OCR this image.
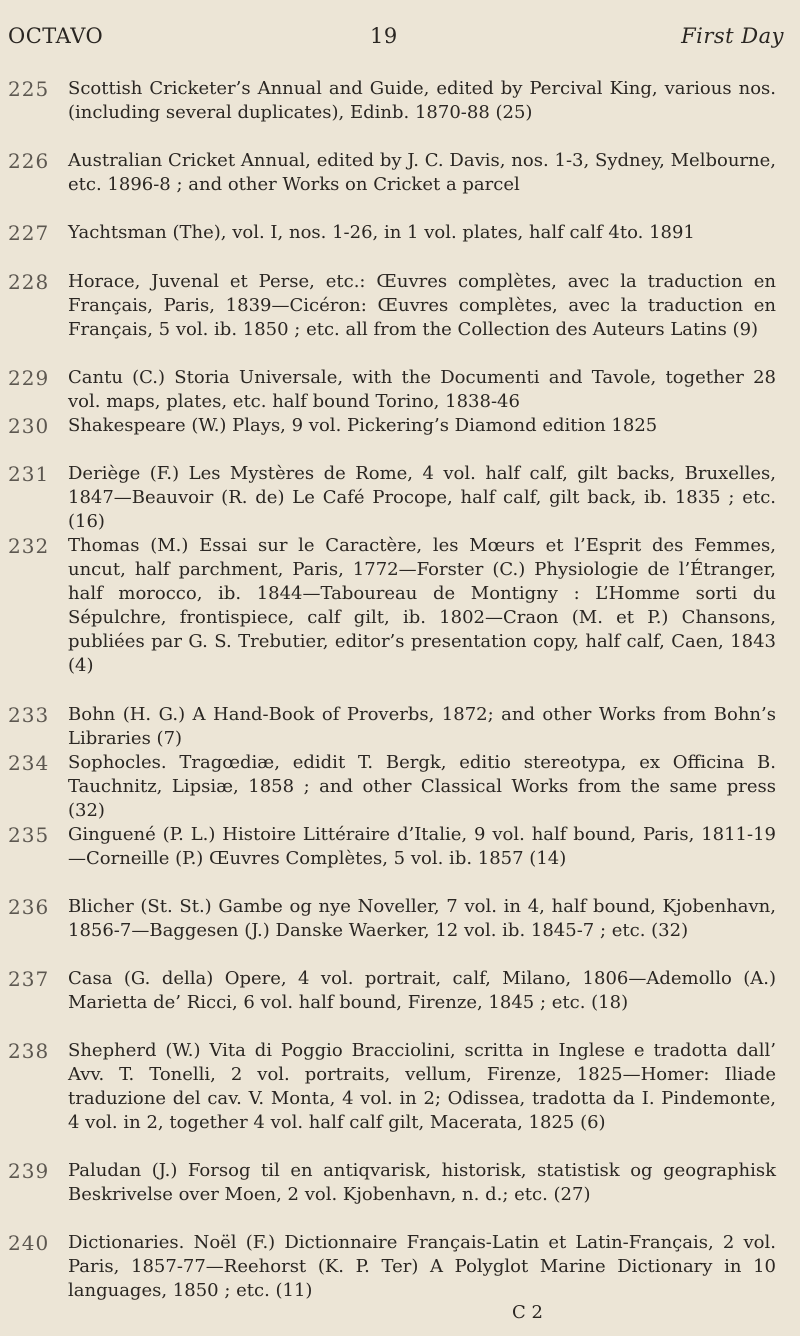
OCTAVO	19	First Day
225 Scottish Cricketer’s Annual and Guide, edited by Percival King, various nos. (including several duplicates), Edinb. 1870-88 (25)
226 Australian Cricket Annual, edited by J. C. Davis, nos. 1-3, Sydney, Melbourne, etc. 1896-8 ; and other Works on Cricket a parcel
227 Yachtsman (The), vol. I, nos. 1-26, in 1 vol. plates, half calf 4to. 1891
228 Horace, Juvenal et Perse, etc.: Œuvres complètes, avec la traduction en Français, Paris, 1839—Cicéron: Œuvres complètes, avec la traduction en Français, 5 vol. ib. 1850 ; etc. all from the Collection des Auteurs Latins (9)
229 Cantu (C.) Storia Universale, with the Documenti and Tavole, together 28 vol. maps, plates, etc. half bound Torino, 1838-46
230 Shakespeare (W.) Plays, 9 vol. Pickering’s Diamond edition 1825
231 Deriège (F.) Les Mystères de Rome, 4 vol. half calf, gilt backs, Bruxelles, 1847—Beauvoir (R. de) Le Café Procope, half calf, gilt back, ib. 1835 ; etc. (16)
232 Thomas (M.) Essai sur le Caractère, les Mœurs et l’Esprit des Femmes, uncut, half parchment, Paris, 1772—Forster (C.) Physiologie de l’Étranger, half morocco, ib. 1844—Taboureau de Montigny : L’Homme sorti du Sépulchre, frontispiece, calf gilt, ib. 1802—Craon (M. et P.) Chansons, publiées par G. S. Trebutier, editor’s presentation copy, half calf, Caen, 1843 (4)
233 Bohn (H. G.) A Hand-Book of Proverbs, 1872; and other Works from Bohn’s Libraries (7)
234 Sophocles. Tragœdiæ, edidit T. Bergk, editio stereotypa, ex Officina B. Tauchnitz, Lipsiæ, 1858 ; and other Classical Works from the same press (32)
235 Ginguené (P. L.) Histoire Littéraire d’Italie, 9 vol. half bound, Paris, 1811-19—Corneille (P.) Œuvres Complètes, 5 vol. ib. 1857 (14)
236 Blicher (St. St.) Gambe og nye Noveller, 7 vol. in 4, half bound, Kjobenhavn, 1856-7—Baggesen (J.) Danske Waerker, 12 vol. ib. 1845-7 ; etc. (32)
237 Casa (G. della) Opere, 4 vol. portrait, calf, Milano, 1806—Ademollo (A.) Marietta de’ Ricci, 6 vol. half bound, Firenze, 1845 ; etc. (18)
238 Shepherd (W.) Vita di Poggio Bracciolini, scritta in Inglese e tradotta dall’ Avv. T. Tonelli, 2 vol. portraits, vellum, Firenze, 1825—Homer: Iliade traduzione del cav. V. Monta, 4 vol. in 2; Odissea, tradotta da I. Pindemonte, 4 vol. in 2, together 4 vol. half calf gilt, Macerata, 1825 (6)
239 Paludan (J.) Forsog til en antiqvarisk, historisk, statistisk og geographisk Beskrivelse over Moen, 2 vol. Kjobenhavn, n. d.; etc. (27)
240 Dictionaries. Noël (F.) Dictionnaire Français-Latin et Latin-Français, 2 vol. Paris, 1857-77—Reehorst (K. P. Ter) A Polyglot Marine Dictionary in 10 languages, 1850 ; etc. (11)
C 2
